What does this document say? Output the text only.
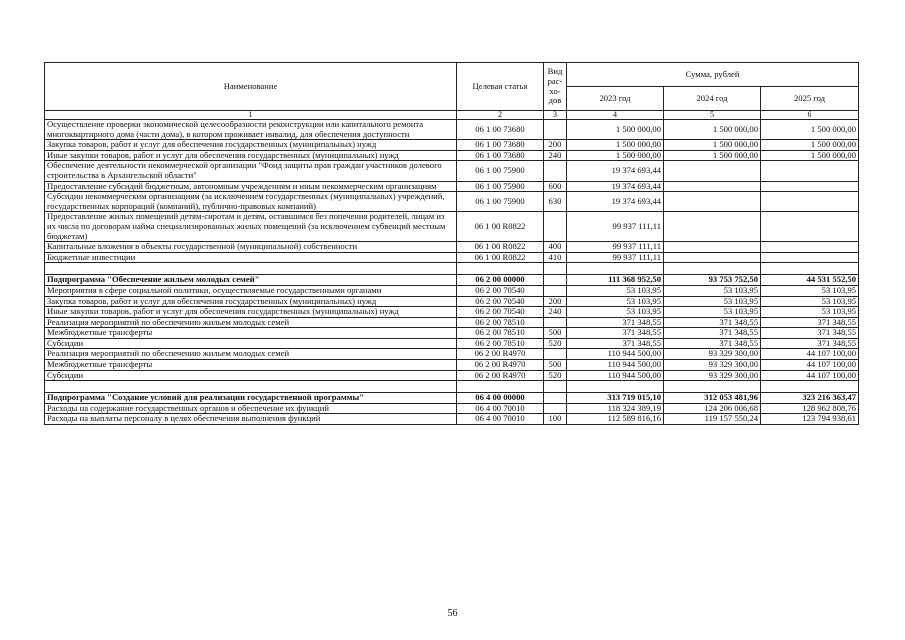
Наименование	Целевая статья	Вид рас-хо-дов	Сумма, рублей		
			2023 год	2024 год	2025 год
1	2	3	4	5	6
Осуществление проверки экономической целесообразности реконструкции или капитального ремонта многоквартирного дома (части дома), в котором проживает инвалид, для обеспечения доступности	06 1 00 73680		1 500 000,00	1 500 000,00	1 500 000,00
Закупка товаров, работ и услуг для обеспечения государственных (муниципальных) нужд	06 1 00 73680	200	1 500 000,00	1 500 000,00	1 500 000,00
Иные закупки товаров, работ и услуг для обеспечения государственных (муниципальных) нужд	06 1 00 73680	240	1 500 000,00	1 500 000,00	1 500 000,00
Обеспечение деятельности некоммерческой организации "Фонд защиты прав граждан участников долевого строительства в Архангельской области"	06 1 00 75900		19 374 693,44		
Предоставление субсидий бюджетным, автономным учреждениям и иным некоммерческим организациям	06 1 00 75900	600	19 374 693,44		
Субсидии некоммерческим организациям (за исключением государственных (муниципальных) учреждений, государственных корпораций (компаний), публично-правовых компаний)	06 1 00 75900	630	19 374 693,44		
Предоставление жилых помещений детям-сиротам и детям, оставшимся без попечения родителей, лицам из их числа по договорам найма специализированных жилых помещений (за исключением субвенций местным бюджетам)	06 1 00 R0822		99 937 111,11		
Капитальные вложения в объекты государственной (муниципальной) собственности	06 1 00 R0822	400	99 937 111,11		
Бюджетные инвестиции	06 1 00 R0822	410	99 937 111,11		

Подпрограмма "Обеспечение жильем молодых семей"	06 2 00 00000		111 368 952,50	93 753 752,50	44 531 552,50
Мероприятия в сфере социальной политики, осуществляемые государственными органами	06 2 00 70540		53 103,95	53 103,95	53 103,95
Закупка товаров, работ и услуг для обеспечения государственных (муниципальных) нужд	06 2 00 70540	200	53 103,95	53 103,95	53 103,95
Иные закупки товаров, работ и услуг для обеспечения государственных (муниципальных) нужд	06 2 00 70540	240	53 103,95	53 103,95	53 103,95
Реализация мероприятий по обеспечению жильем молодых семей	06 2 00 78510		371 348,55	371 348,55	371 348,55
Межбюджетные трансферты	06 2 00 78510	500	371 348,55	371 348,55	371 348,55
Субсидии	06 2 00 78510	520	371 348,55	371 348,55	371 348,55
Реализация мероприятий по обеспечению жильем молодых семей	06 2 00 R4970		110 944 500,00	93 329 300,00	44 107 100,00
Межбюджетные трансферты	06 2 00 R4970	500	110 944 500,00	93 329 300,00	44 107 100,00
Субсидии	06 2 00 R4970	520	110 944 500,00	93 329 300,00	44 107 100,00

Подпрограмма "Создание условий для реализации государственной программы"	06 4 00 00000		313 719 015,10	312 053 481,96	323 216 363,47
Расходы на содержание государственных органов и обеспечение их функций	06 4 00 70010		118 324 389,19	124 206 006,68	128 962 808,76
Расходы на выплаты персоналу в целях обеспечения выполнения функций	06 4 00 70010	100	112 589 816,16	119 157 550,24	123 794 938,61
56
